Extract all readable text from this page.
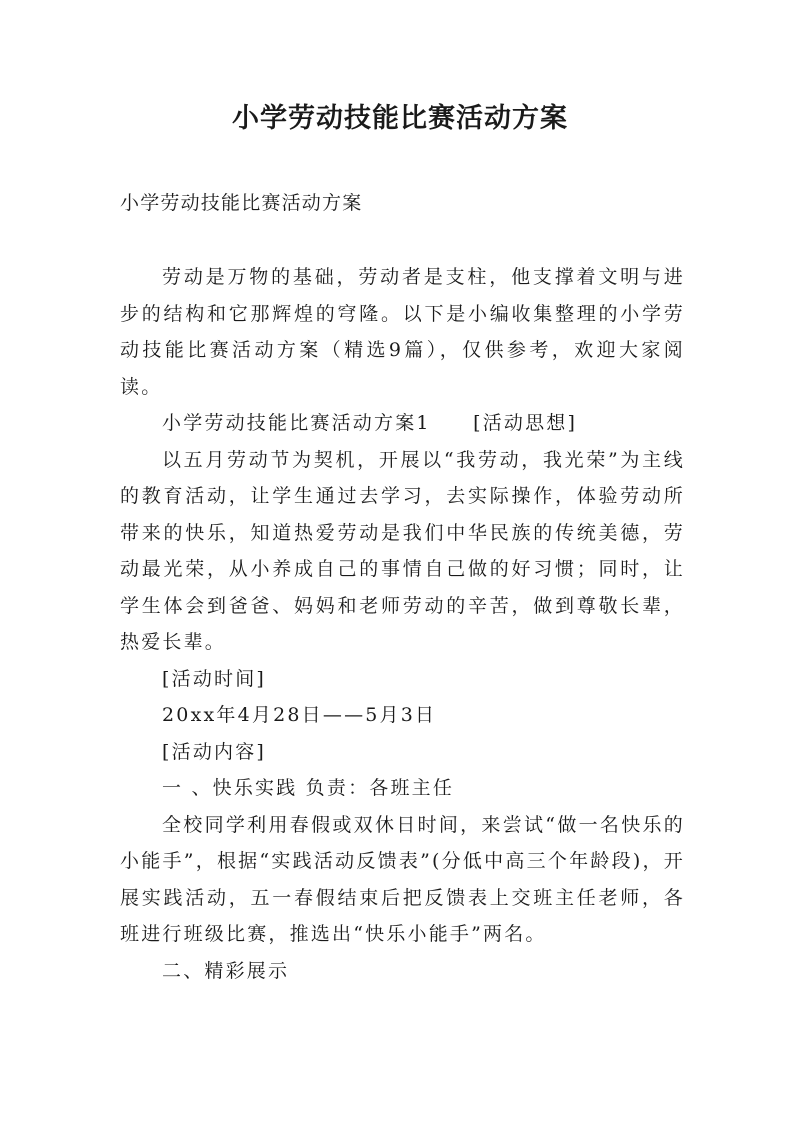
小学劳动技能比赛活动方案
小学劳动技能比赛活动方案

劳动是万物的基础，劳动者是支柱，他支撑着文明与进步的结构和它那辉煌的穹隆。以下是小编收集整理的小学劳动技能比赛活动方案（精选9篇），仅供参考，欢迎大家阅读。

小学劳动技能比赛活动方案1　　[活动思想]

以五月劳动节为契机，开展以“我劳动，我光荣”为主线的教育活动，让学生通过去学习，去实际操作，体验劳动所带来的快乐，知道热爱劳动是我们中华民族的传统美德，劳动最光荣，从小养成自己的事情自己做的好习惯；同时，让学生体会到爸爸、妈妈和老师劳动的辛苦，做到尊敬长辈，热爱长辈。

[活动时间]

20xx年4月28日——5月3日

[活动内容]

一 、快乐实践 负责：各班主任

全校同学利用春假或双休日时间，来尝试“做一名快乐的小能手”，根据“实践活动反馈表”(分低中高三个年龄段)，开展实践活动，五一春假结束后把反馈表上交班主任老师，各班进行班级比赛，推选出“快乐小能手”两名。

二、精彩展示
